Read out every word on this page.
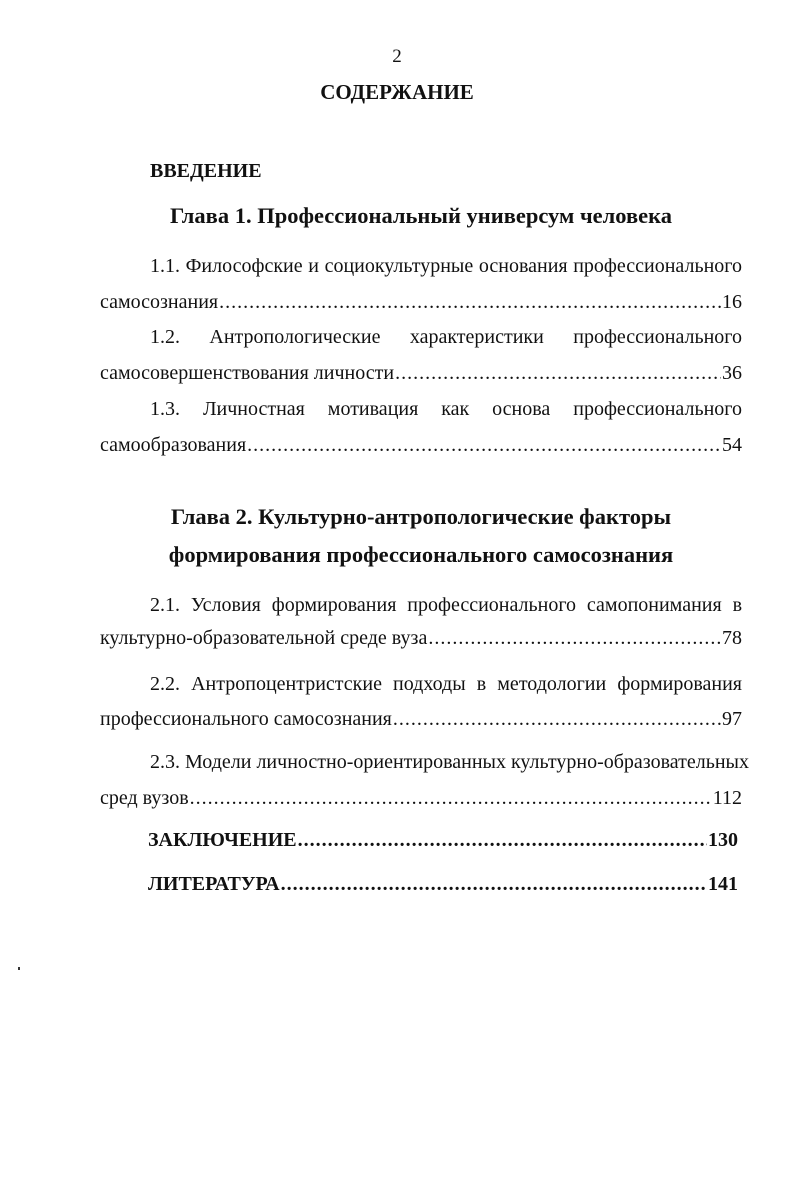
2
СОДЕРЖАНИЕ
ВВЕДЕНИЕ
Глава 1. Профессиональный универсум человека
1.1. Философские и социокультурные основания профессионального
самосознания .....	16
1.2. Антропологические характеристики профессионального
самосовершенствования личности .....	36
1.3. Личностная мотивация как основа профессионального
самообразования .....	54
Глава 2. Культурно-антропологические факторы
формирования профессионального самосознания
2.1. Условия формирования профессионального самопонимания в
культурно-образовательной среде вуза .....	78
2.2. Антропоцентристские подходы в методологии формирования
профессионального самосознания .....	97
2.3. Модели личностно-ориентированных культурно-образовательных
сред вузов .....	112
ЗАКЛЮЧЕНИЕ .....	130
ЛИТЕРАТУРА .....	141
